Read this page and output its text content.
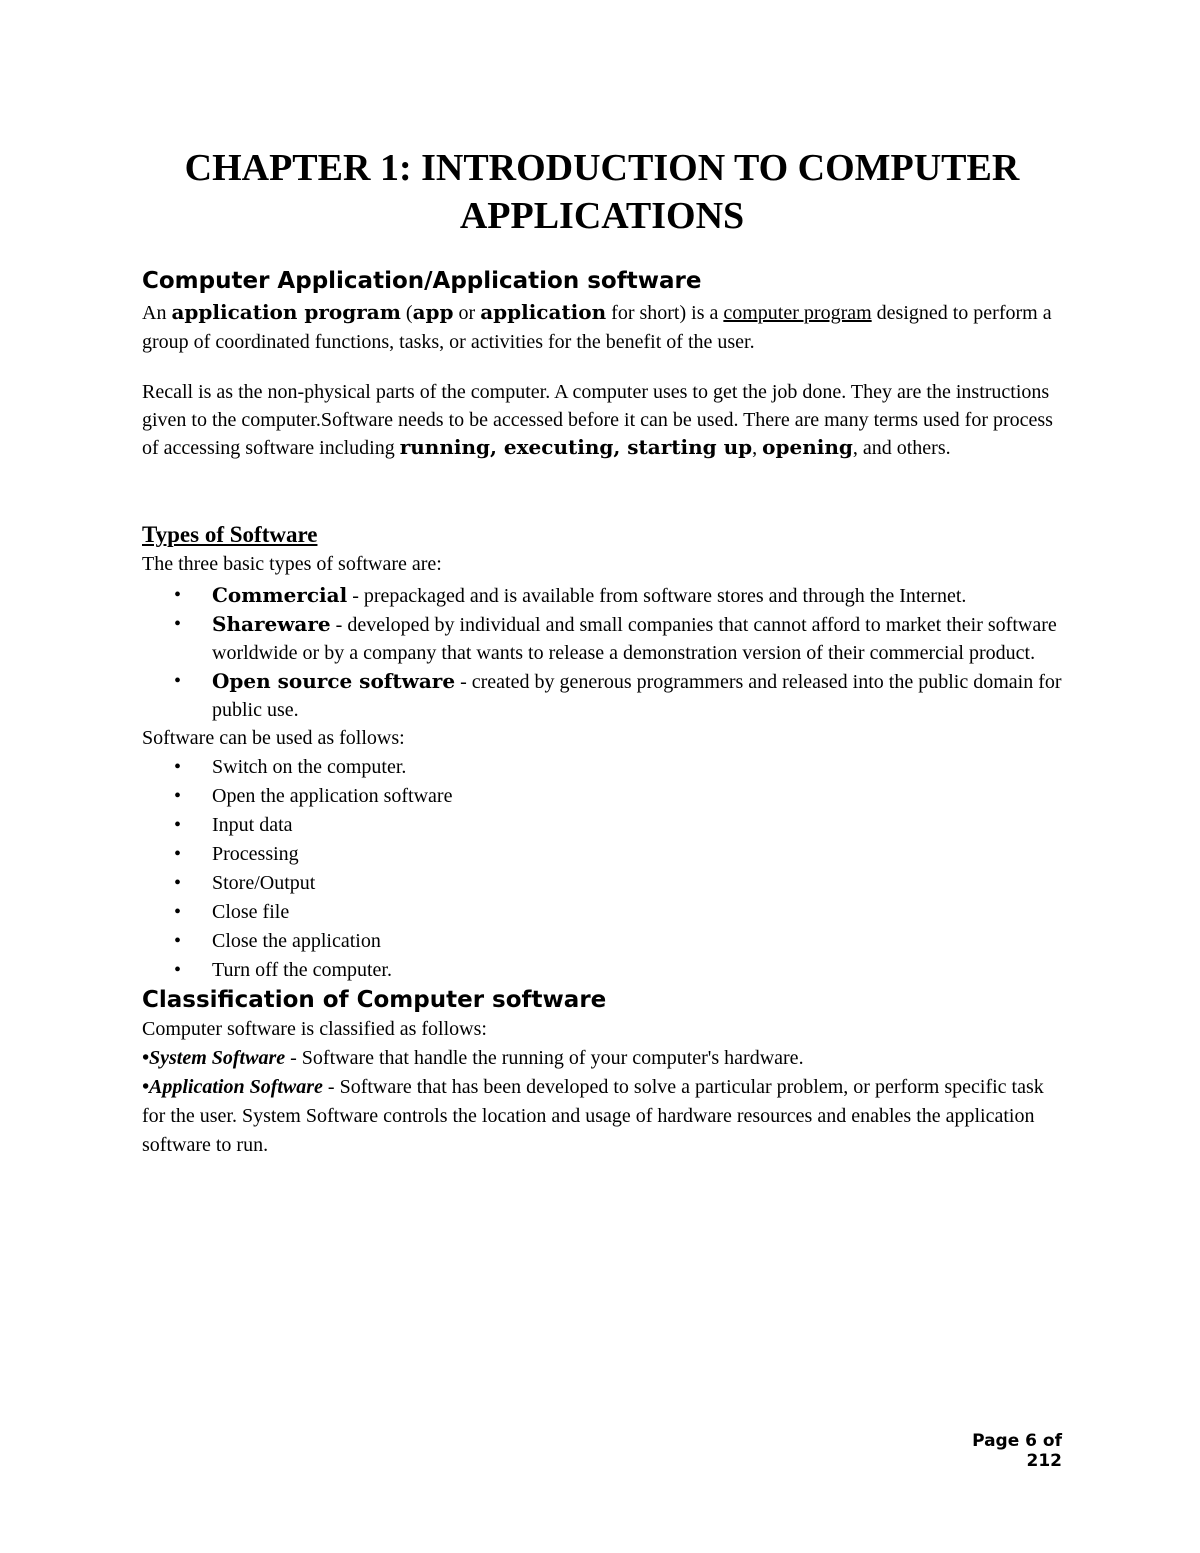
CHAPTER 1: INTRODUCTION TO COMPUTER
APPLICATIONS
Computer Application/Application software

An application program (app or application for short) is a computer program designed to perform a group of coordinated functions, tasks, or activities for the benefit of the user.

Recall is as the non-physical parts of the computer. A computer uses to get the job done. They are the instructions given to the computer.Software needs to be accessed before it can be used. There are many terms used for process of accessing software including running, executing, starting up, opening, and others.

Types of Software

The three basic types of software are:

• Commercial - prepackaged and is available from software stores and through the Internet.
• Shareware - developed by individual and small companies that cannot afford to market their software worldwide or by a company that wants to release a demonstration version of their commercial product.
• Open source software - created by generous programmers and released into the public domain for public use.

Software can be used as follows:

• Switch on the computer.
• Open the application software
• Input data
• Processing
• Store/Output
• Close file
• Close the application
• Turn off the computer.
Classification of Computer software

Computer software is classified as follows:

•System Software - Software that handle the running of your computer's hardware.

•Application Software - Software that has been developed to solve a particular problem, or perform specific task for the user. System Software controls the location and usage of hardware resources and enables the application software to run.

Page 6 of 212
